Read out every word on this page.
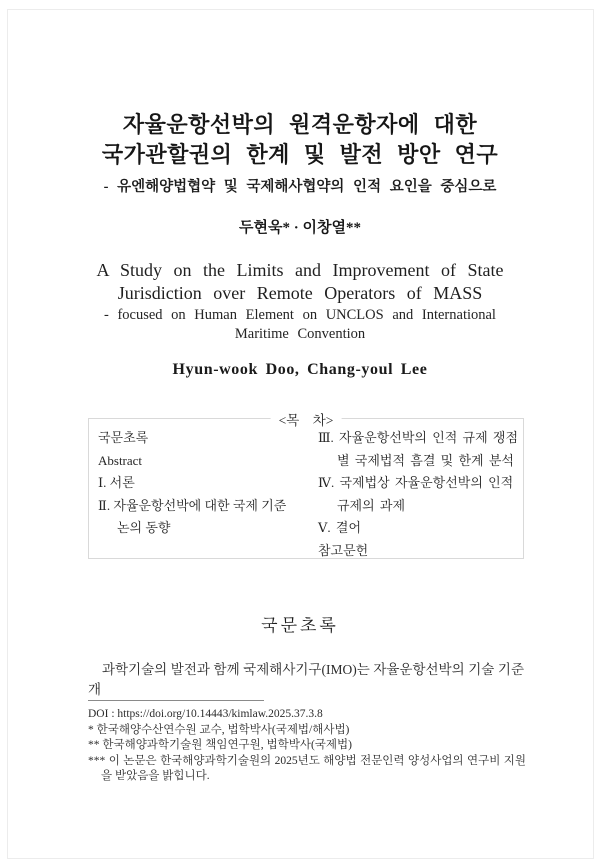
자율운항선박의 원격운항자에 대한
국가관할권의 한계 및 발전 방안 연구
- 유엔해양법협약 및 국제해사협약의 인적 요인을 중심으로
두현욱* · 이창열**
A Study on the Limits and Improvement of State
Jurisdiction over Remote Operators of MASS
- focused on Human Element on UNCLOS and International
Maritime Convention
Hyun-wook Doo, Chang-youl Lee
<목    차>
국문초록
Abstract
Ⅰ. 서론
Ⅱ. 자율운항선박에 대한 국제 기준
논의 동향
Ⅲ. 자율운항선박의 인적 규제 쟁점
별 국제법적 흠결 및 한계 분석
Ⅳ. 국제법상 자율운항선박의 인적
규제의 과제
Ⅴ. 결어
참고문헌
국문초록
과학기술의 발전과 함께 국제해사기구(IMO)는 자율운항선박의 기술 기준 개
DOI : https://doi.org/10.14443/kimlaw.2025.37.3.8
* 한국해양수산연수원 교수, 법학박사(국제법/해사법)
** 한국해양과학기술원 책임연구원, 법학박사(국제법)
*** 이 논문은 한국해양과학기술원의 2025년도 해양법 전문인력 양성사업의 연구비 지원을 받았음을 밝힙니다.
